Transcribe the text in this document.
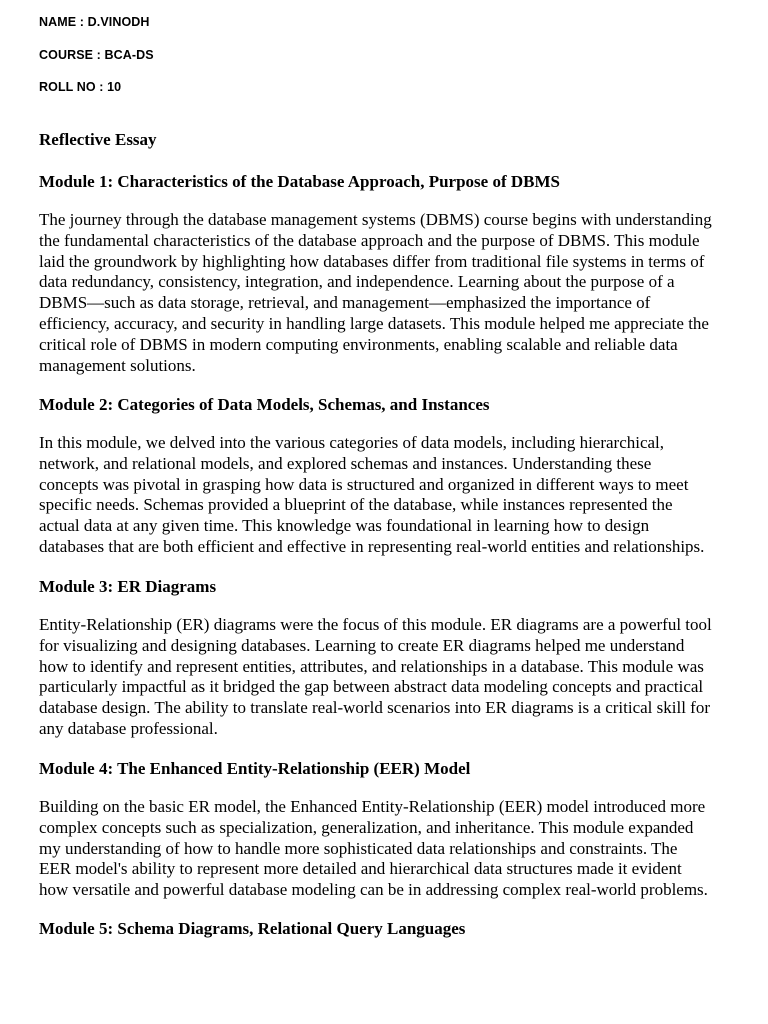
NAME : D.VINODH
COURSE : BCA-DS
ROLL NO : 10
Reflective Essay
Module 1: Characteristics of the Database Approach, Purpose of DBMS

The journey through the database management systems (DBMS) course begins with understanding
the fundamental characteristics of the database approach and the purpose of DBMS. This module
laid the groundwork by highlighting how databases differ from traditional file systems in terms of
data redundancy, consistency, integration, and independence. Learning about the purpose of a
DBMS—such as data storage, retrieval, and management—emphasized the importance of
efficiency, accuracy, and security in handling large datasets. This module helped me appreciate the
critical role of DBMS in modern computing environments, enabling scalable and reliable data
management solutions.

Module 2: Categories of Data Models, Schemas, and Instances

In this module, we delved into the various categories of data models, including hierarchical,
network, and relational models, and explored schemas and instances. Understanding these
concepts was pivotal in grasping how data is structured and organized in different ways to meet
specific needs. Schemas provided a blueprint of the database, while instances represented the
actual data at any given time. This knowledge was foundational in learning how to design
databases that are both efficient and effective in representing real-world entities and relationships.

Module 3: ER Diagrams

Entity-Relationship (ER) diagrams were the focus of this module. ER diagrams are a powerful tool
for visualizing and designing databases. Learning to create ER diagrams helped me understand
how to identify and represent entities, attributes, and relationships in a database. This module was
particularly impactful as it bridged the gap between abstract data modeling concepts and practical
database design. The ability to translate real-world scenarios into ER diagrams is a critical skill for
any database professional.

Module 4: The Enhanced Entity-Relationship (EER) Model

Building on the basic ER model, the Enhanced Entity-Relationship (EER) model introduced more
complex concepts such as specialization, generalization, and inheritance. This module expanded
my understanding of how to handle more sophisticated data relationships and constraints. The
EER model's ability to represent more detailed and hierarchical data structures made it evident
how versatile and powerful database modeling can be in addressing complex real-world problems.

Module 5: Schema Diagrams, Relational Query Languages
